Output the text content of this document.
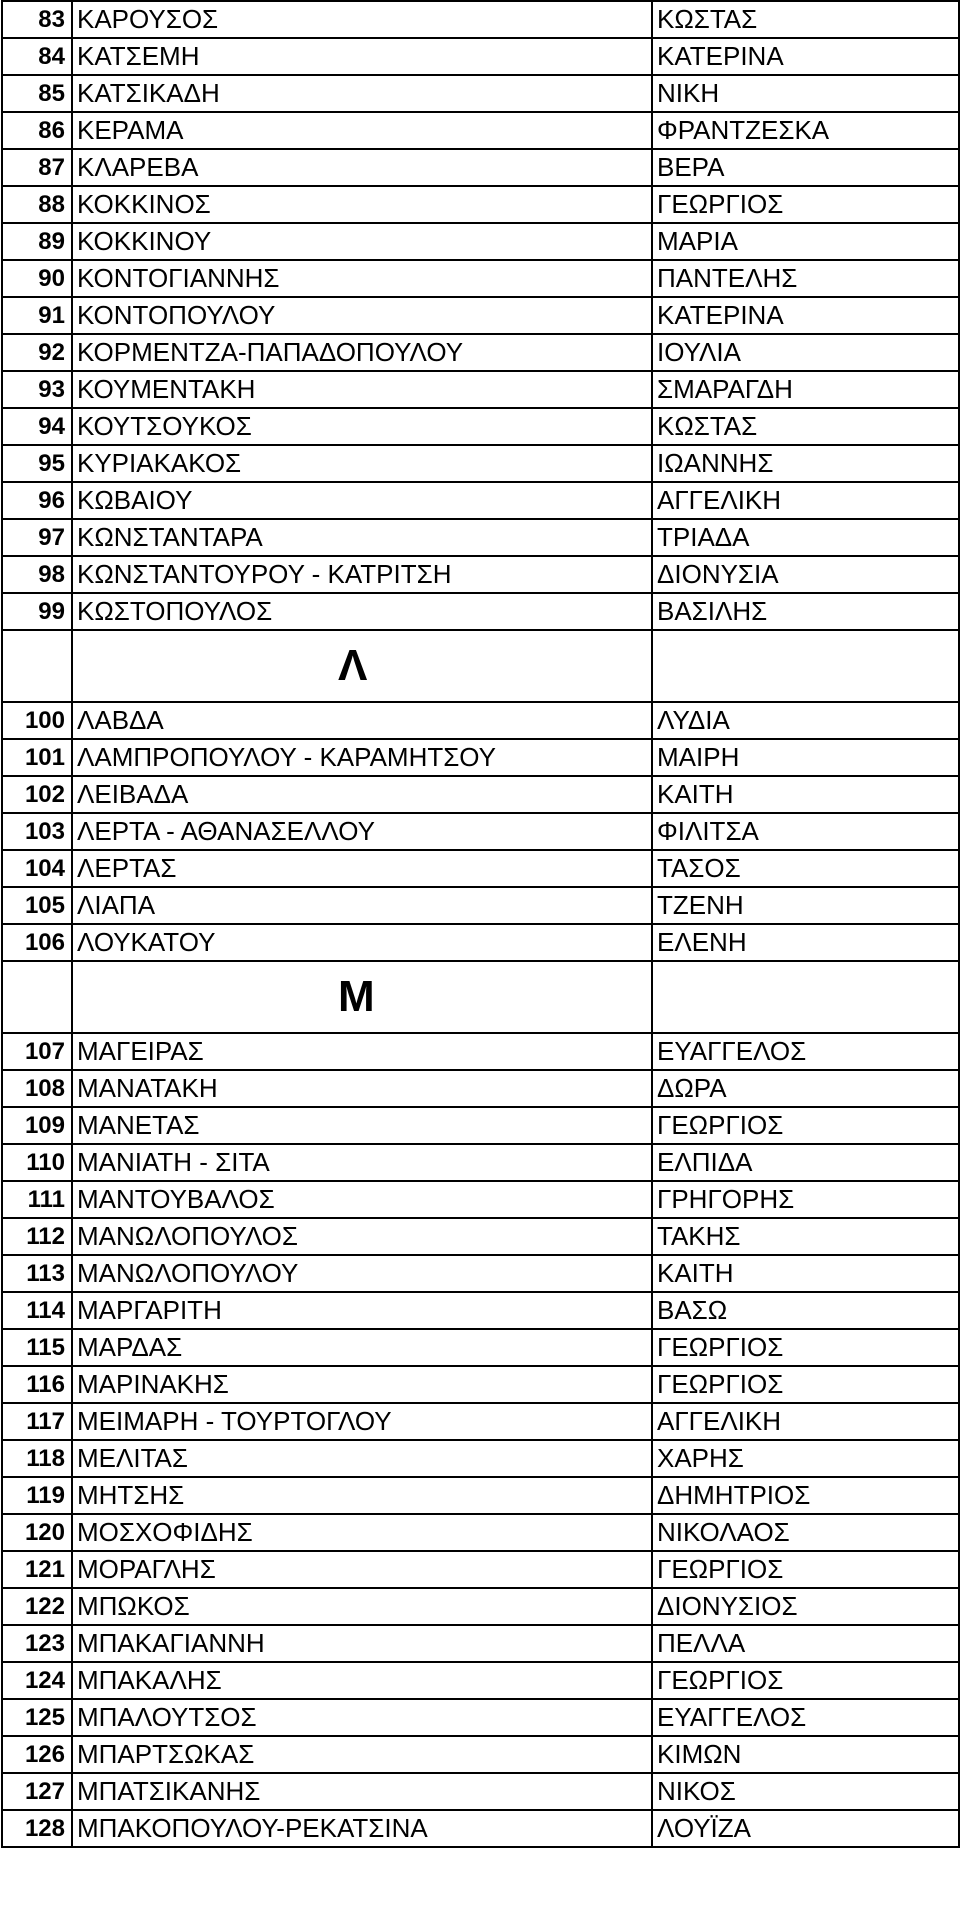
83	ΚΑΡΟΥΣΟΣ	ΚΩΣΤΑΣ
84	ΚΑΤΣΕΜΗ	ΚΑΤΕΡΙΝΑ
85	ΚΑΤΣΙΚΑΔΗ	ΝΙΚΗ
86	ΚΕΡΑΜΑ	ΦΡΑΝΤΖΕΣΚΑ
87	ΚΛΑΡΕΒΑ	ΒΕΡΑ
88	ΚΟΚΚΙΝΟΣ	ΓΕΩΡΓΙΟΣ
89	ΚΟΚΚΙΝΟΥ	ΜΑΡΙΑ
90	ΚΟΝΤΟΓΙΑΝΝΗΣ	ΠΑΝΤΕΛΗΣ
91	ΚΟΝΤΟΠΟΥΛΟΥ	ΚΑΤΕΡΙΝΑ
92	ΚΟΡΜΕΝΤΖΑ-ΠΑΠΑΔΟΠΟΥΛΟΥ	ΙΟΥΛΙΑ
93	ΚΟΥΜΕΝΤΑΚΗ	ΣΜΑΡΑΓΔΗ
94	ΚΟΥΤΣΟΥΚΟΣ	ΚΩΣΤΑΣ
95	ΚΥΡΙΑΚΑΚΟΣ	ΙΩΑΝΝΗΣ
96	ΚΩΒΑΙΟΥ	ΑΓΓΕΛΙΚΗ
97	ΚΩΝΣΤΑΝΤΑΡΑ	ΤΡΙΑΔΑ
98	ΚΩΝΣΤΑΝΤΟΥΡΟΥ - ΚΑΤΡΙΤΣΗ	ΔΙΟΝΥΣΙΑ
99	ΚΩΣΤΟΠΟΥΛΟΣ	ΒΑΣΙΛΗΣ
	Λ	
100	ΛΑΒΔΑ	ΛΥΔΙΑ
101	ΛΑΜΠΡΟΠΟΥΛΟΥ - ΚΑΡΑΜΗΤΣΟΥ	ΜΑΙΡΗ
102	ΛΕΙΒΑΔΑ	ΚΑΙΤΗ
103	ΛΕΡΤΑ - ΑΘΑΝΑΣΕΛΛΟΥ	ΦΙΛΙΤΣΑ
104	ΛΕΡΤΑΣ	ΤΑΣΟΣ
105	ΛΙΑΠΑ	ΤΖΕΝΗ
106	ΛΟΥΚΑΤΟΥ	ΕΛΕΝΗ
	Μ	
107	ΜΑΓΕΙΡΑΣ	ΕΥΑΓΓΕΛΟΣ
108	ΜΑΝΑΤΑΚΗ	ΔΩΡΑ
109	ΜΑΝΕΤΑΣ	ΓΕΩΡΓΙΟΣ
110	ΜΑΝΙΑΤΗ - ΣΙΤΑ	ΕΛΠΙΔΑ
111	ΜΑΝΤΟΥΒΑΛΟΣ	ΓΡΗΓΟΡΗΣ
112	ΜΑΝΩΛΟΠΟΥΛΟΣ	ΤΑΚΗΣ
113	ΜΑΝΩΛΟΠΟΥΛΟΥ	ΚΑΙΤΗ
114	ΜΑΡΓΑΡΙΤΗ	ΒΑΣΩ
115	ΜΑΡΔΑΣ	ΓΕΩΡΓΙΟΣ
116	ΜΑΡΙΝΑΚΗΣ	ΓΕΩΡΓΙΟΣ
117	ΜΕΙΜΑΡΗ - ΤΟΥΡΤΟΓΛΟΥ	ΑΓΓΕΛΙΚΗ
118	ΜΕΛΙΤΑΣ	ΧΑΡΗΣ
119	ΜΗΤΣΗΣ	ΔΗΜΗΤΡΙΟΣ
120	ΜΟΣΧΟΦΙΔΗΣ	ΝΙΚΟΛΑΟΣ
121	ΜΟΡΑΓΛΗΣ	ΓΕΩΡΓΙΟΣ
122	ΜΠΩΚΟΣ	ΔΙΟΝΥΣΙΟΣ
123	ΜΠΑΚΑΓΙΑΝΝΗ	ΠΕΛΛΑ
124	ΜΠΑΚΑΛΗΣ	ΓΕΩΡΓΙΟΣ
125	ΜΠΑΛΟΥΤΣΟΣ	ΕΥΑΓΓΕΛΟΣ
126	ΜΠΑΡΤΣΩΚΑΣ	ΚΙΜΩΝ
127	ΜΠΑΤΣΙΚΑΝΗΣ	ΝΙΚΟΣ
128	ΜΠΑΚΟΠΟΥΛΟΥ-ΡΕΚΑΤΣΙΝΑ	ΛΟΥΪΖΑ
